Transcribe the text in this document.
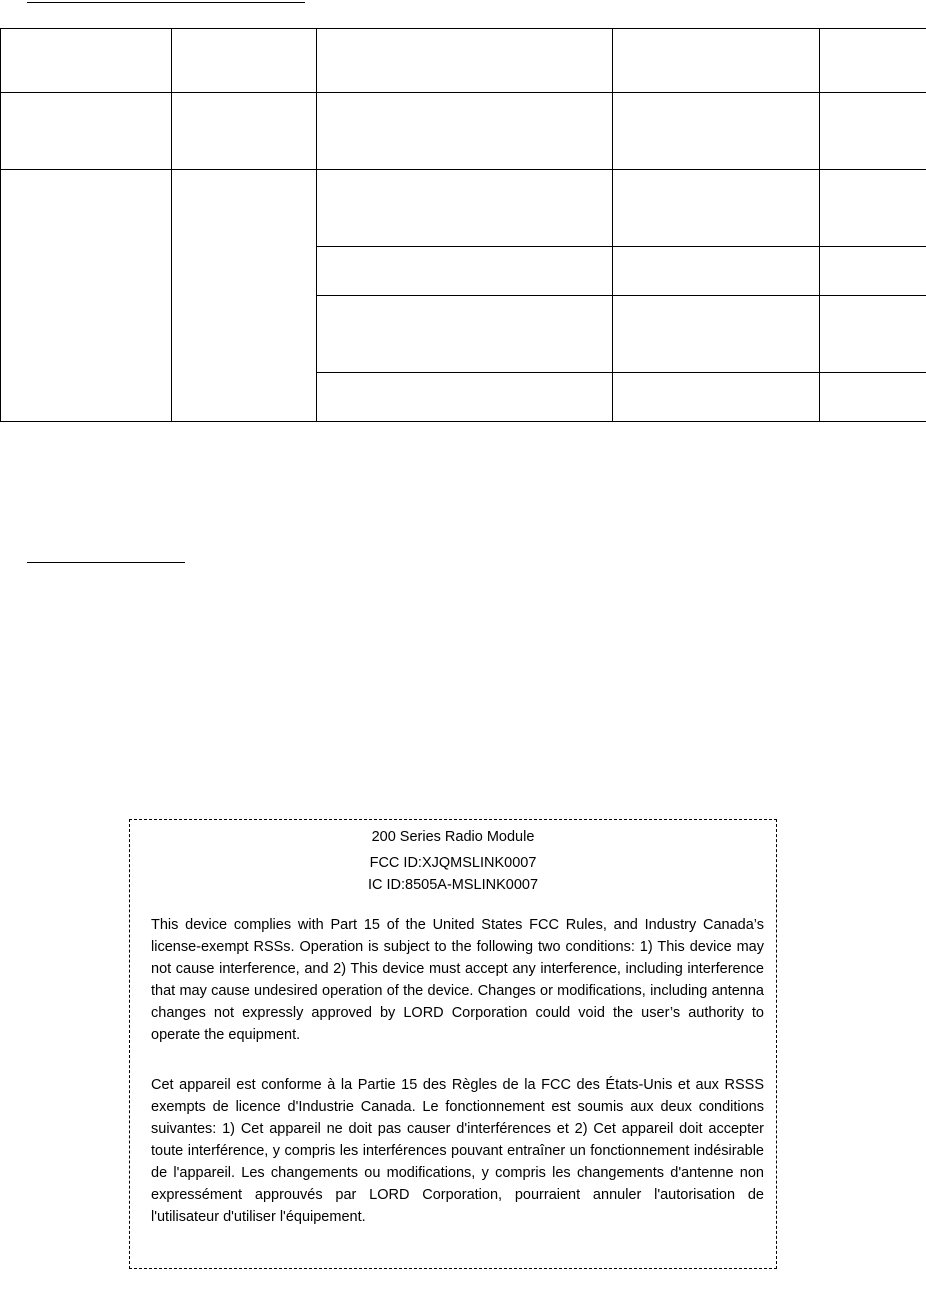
200 Series Radio Module
FCC ID:XJQMSLINK0007
IC ID:8505A-MSLINK0007

This device complies with Part 15 of the United States FCC Rules, and Industry Canada’s license-exempt RSSs. Operation is subject to the following two conditions: 1) This device may not cause interference, and 2) This device must accept any interference, including interference that may cause undesired operation of the device. Changes or modifications, including antenna changes not expressly approved by LORD Corporation could void the user’s authority to operate the equipment.

Cet appareil est conforme à la Partie 15 des Règles de la FCC des États-Unis et aux RSSS exempts de licence d'Industrie Canada. Le fonctionnement est soumis aux deux conditions suivantes: 1) Cet appareil ne doit pas causer d'interférences et 2) Cet appareil doit accepter toute interférence, y compris les interférences pouvant entraîner un fonctionnement indésirable de l'appareil. Les changements ou modifications, y compris les changements d'antenne non expressément approuvés par LORD Corporation, pourraient annuler l'autorisation de l'utilisateur d'utiliser l'équipement.
